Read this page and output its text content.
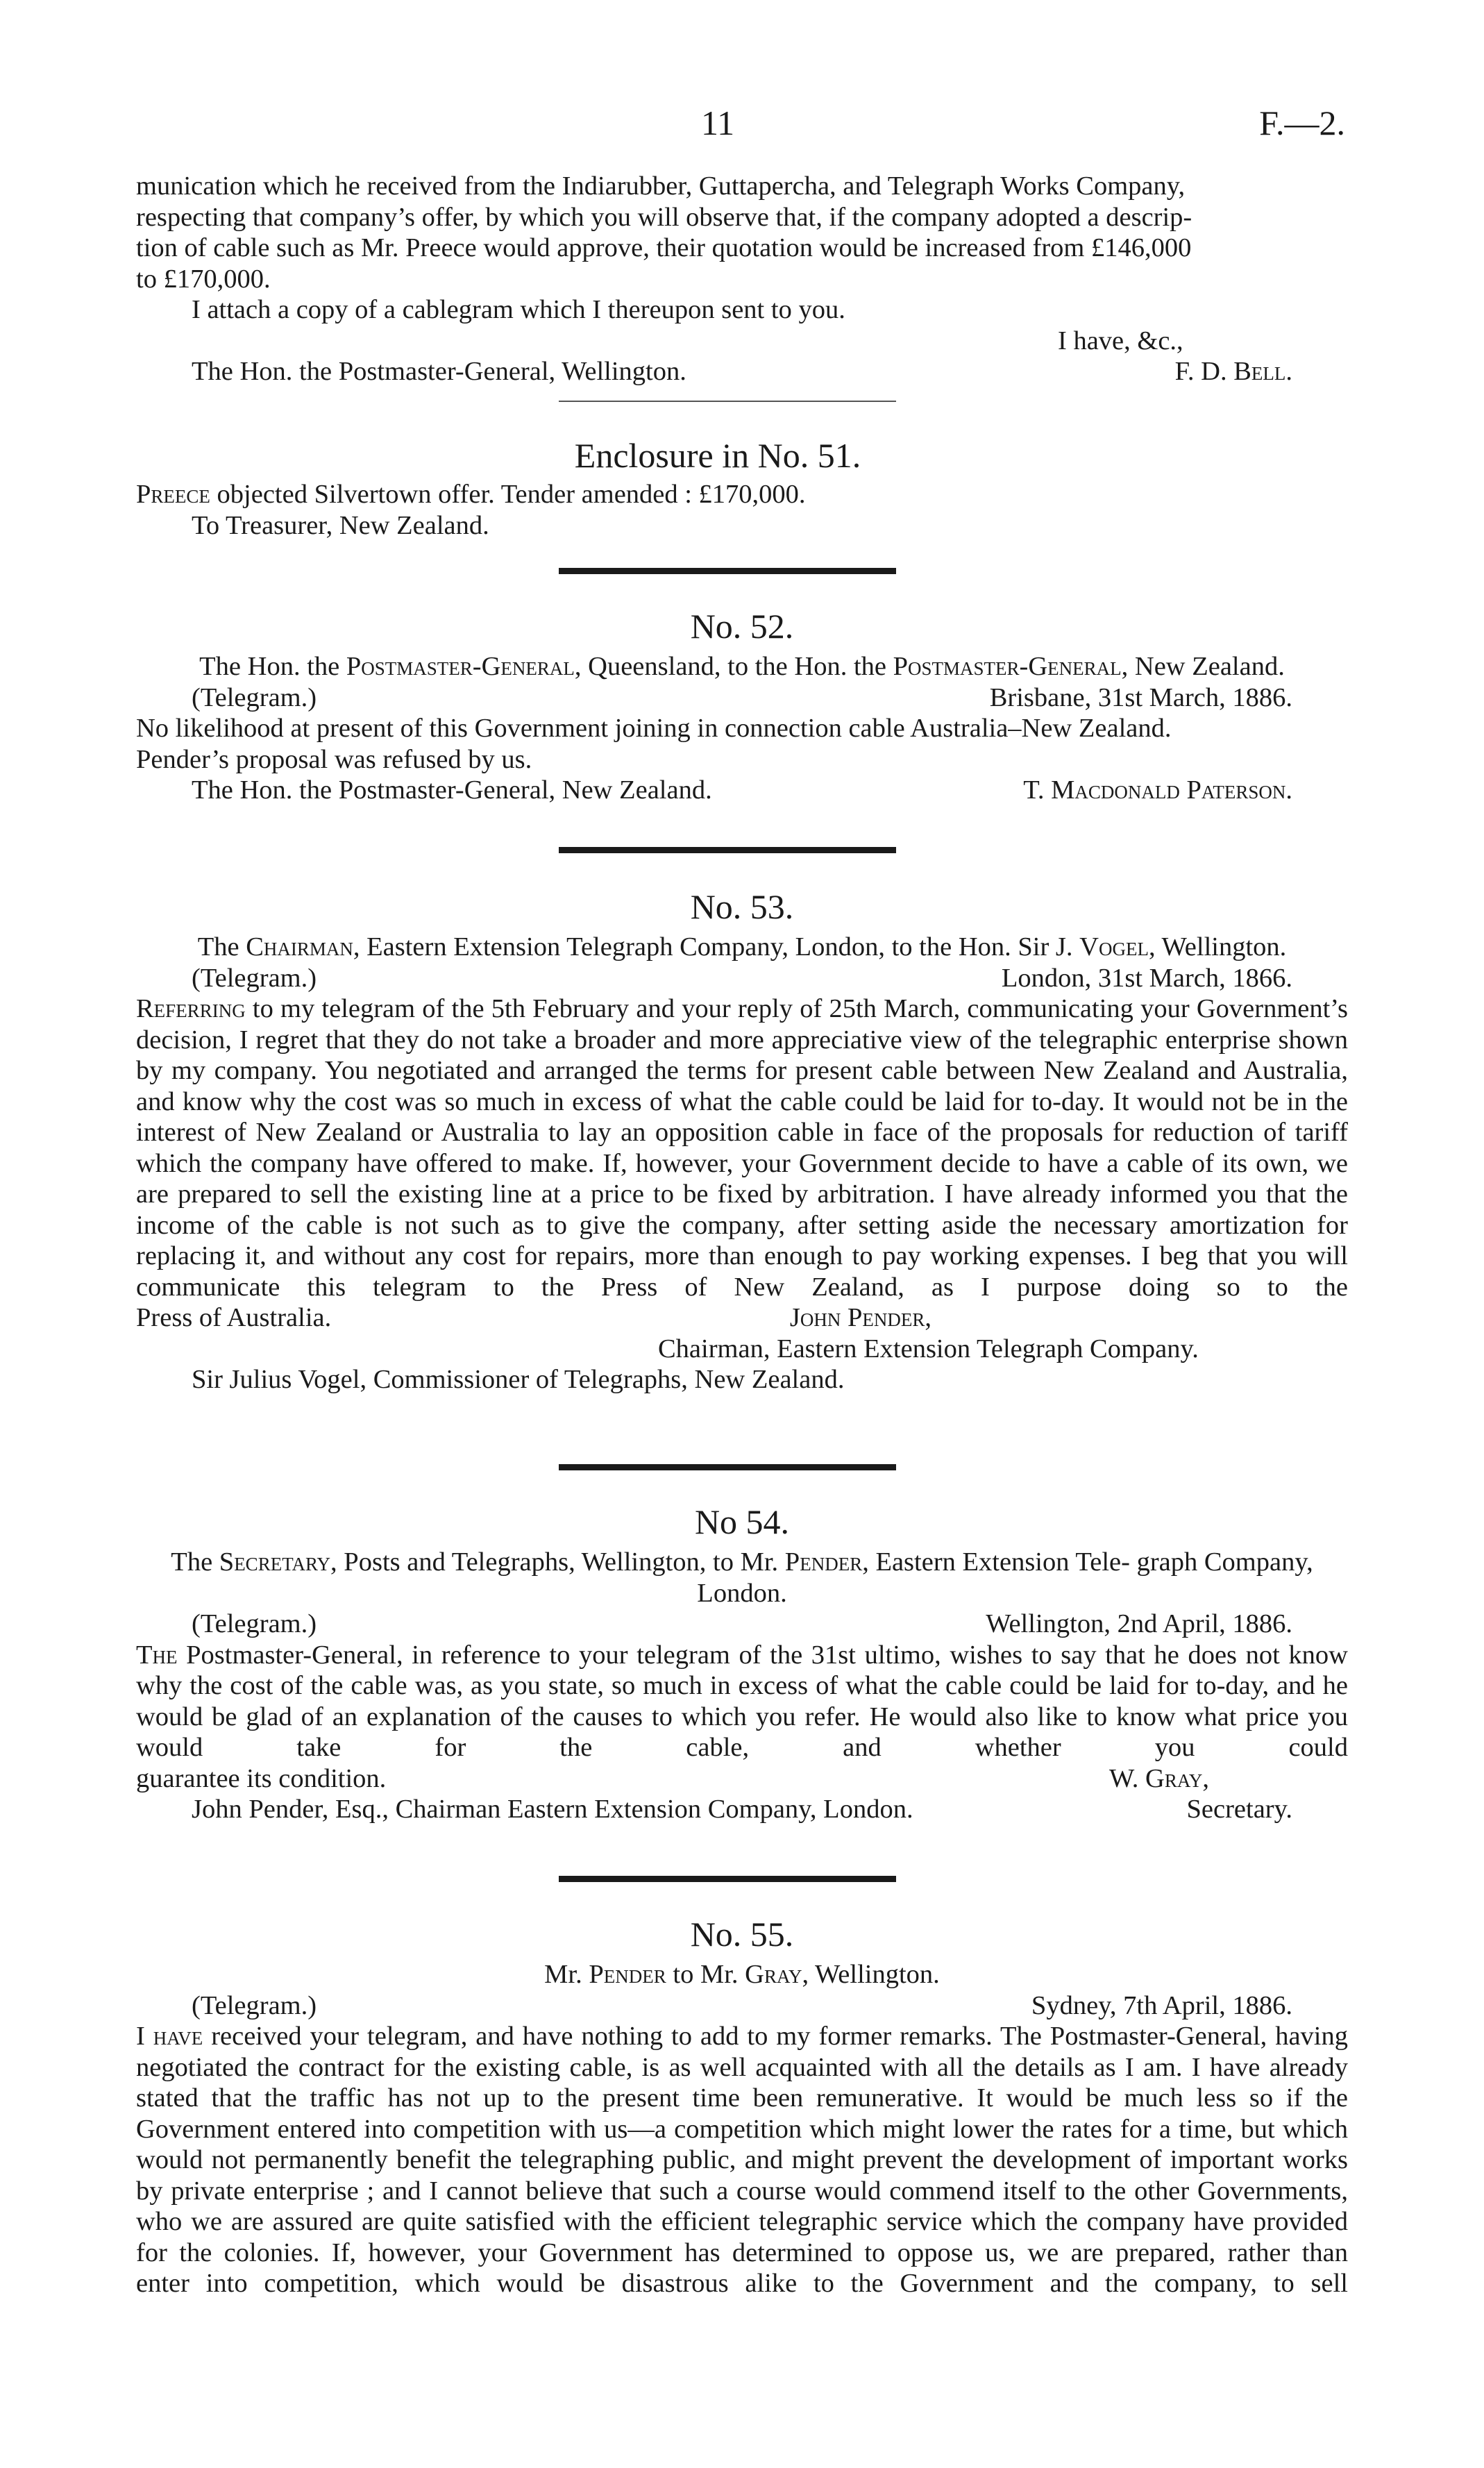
11	F.—2.

munication which he received from the Indiarubber, Guttapercha, and Telegraph Works Company,

respecting that company’s offer, by which you will observe that, if the company adopted a descrip-

tion of cable such as Mr. Preece would approve, their quotation would be increased from £146,000

to £170,000.

I attach a copy of a cablegram which I thereupon sent to you.

I have, &c.,

The Hon. the Postmaster-General, Wellington.	F. D. Bell.

Enclosure in No. 51.

Preece objected Silvertown offer. Tender amended : £170,000.

To Treasurer, New Zealand.

No. 52.

The Hon. the Postmaster-General, Queensland, to the Hon. the Postmaster-General, New Zealand.

(Telegram.)	Brisbane, 31st March, 1886.

No likelihood at present of this Government joining in connection cable Australia–New Zealand.

Pender’s proposal was refused by us.

The Hon. the Postmaster-General, New Zealand.	T. Macdonald Paterson.

No. 53.

The Chairman, Eastern Extension Telegraph Company, London, to the Hon. Sir J. Vogel, Wellington.

(Telegram.)	London, 31st March, 1866.

Referring to my telegram of the 5th February and your reply of 25th March, communicating your Government’s decision, I regret that they do not take a broader and more appreciative view of the telegraphic enterprise shown by my company. You negotiated and arranged the terms for present cable between New Zealand and Australia, and know why the cost was so much in excess of what the cable could be laid for to-day. It would not be in the interest of New Zealand or Australia to lay an opposition cable in face of the proposals for reduction of tariff which the company have offered to make. If, however, your Government decide to have a cable of its own, we are prepared to sell the existing line at a price to be fixed by arbitration. I have already informed you that the income of the cable is not such as to give the company, after setting aside the necessary amortization for replacing it, and without any cost for repairs, more than enough to pay working expenses. I beg that you will communicate this telegram to the Press of New Zealand, as I purpose doing so to the

Press of Australia.	John Pender,

Chairman, Eastern Extension Telegraph Company.

Sir Julius Vogel, Commissioner of Telegraphs, New Zealand.

No 54.

The Secretary, Posts and Telegraphs, Wellington, to Mr. Pender, Eastern Extension Tele- graph Company, London.

(Telegram.)	Wellington, 2nd April, 1886.

The Postmaster-General, in reference to your telegram of the 31st ultimo, wishes to say that he does not know why the cost of the cable was, as you state, so much in excess of what the cable could be laid for to-day, and he would be glad of an explanation of the causes to which you refer. He would also like to know what price you would take for the cable, and whether you could

guarantee its condition.	W. Gray,
John Pender, Esq., Chairman Eastern Extension Company, London.	Secretary.

No. 55.

Mr. Pender to Mr. Gray, Wellington.

(Telegram.)	Sydney, 7th April, 1886.

I have received your telegram, and have nothing to add to my former remarks. The Postmaster-General, having negotiated the contract for the existing cable, is as well acquainted with all the details as I am. I have already stated that the traffic has not up to the present time been remunerative. It would be much less so if the Government entered into competition with us—a competition which might lower the rates for a time, but which would not permanently benefit the telegraphing public, and might prevent the development of important works by private enterprise ; and I cannot believe that such a course would commend itself to the other Governments, who we are assured are quite satisfied with the efficient telegraphic service which the company have provided for the colonies. If, however, your Government has determined to oppose us, we are prepared, rather than

enter into competition, which would be disastrous alike to the Government and the company, to sell
